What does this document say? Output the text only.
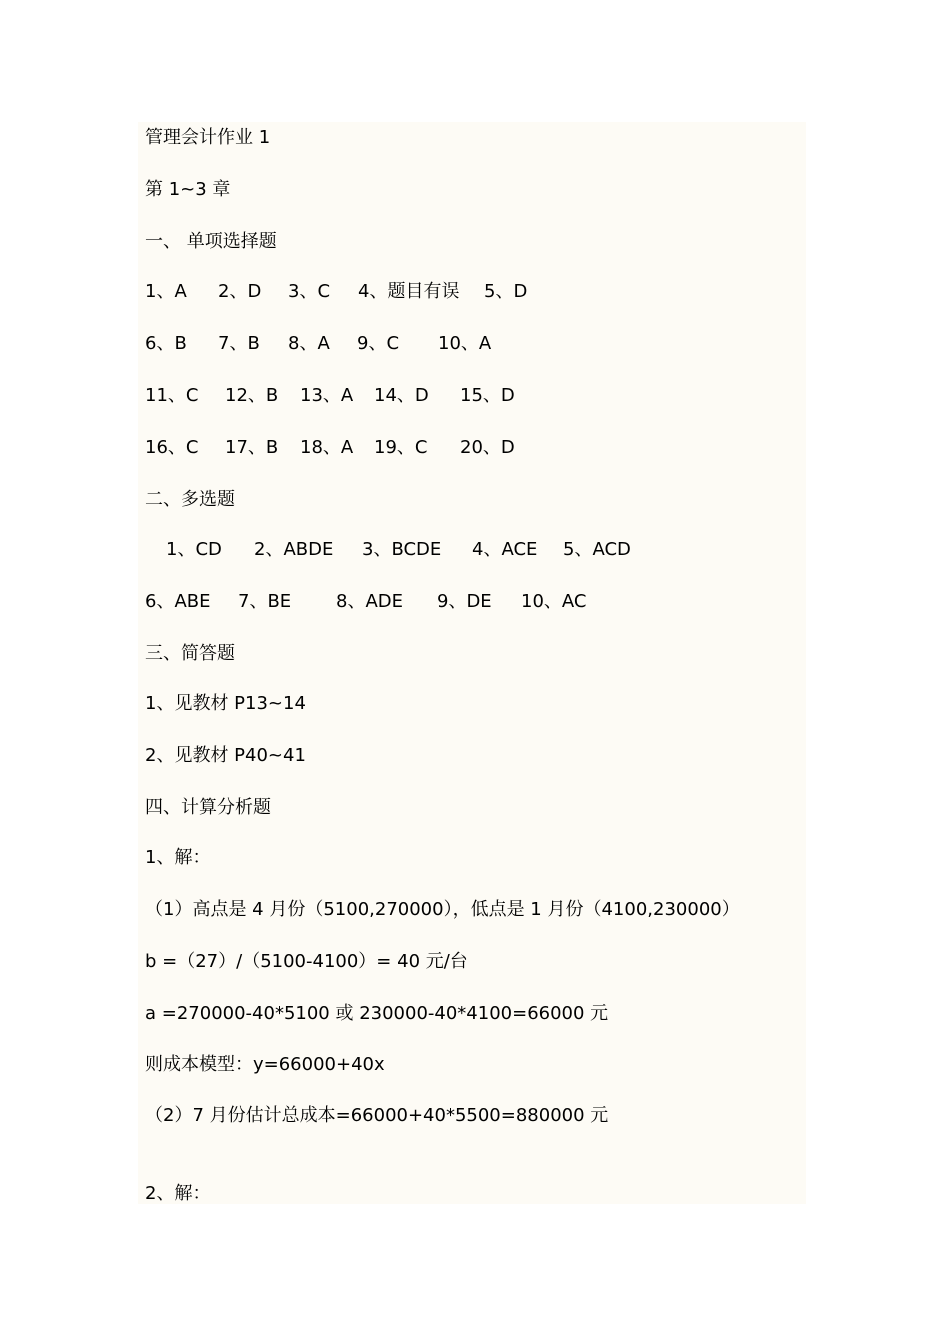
管理会计作业 1
第 1~3 章
一、 单项选择题
1、A 2、D 3、C 4、题目有误 5、D
6、B 7、B 8、A 9、C 10、A
11、C 12、B 13、A 14、D 15、D
16、C 17、B 18、A 19、C 20、D
二、多选题
1、CD 2、ABDE 3、BCDE 4、ACE 5、ACD
6、ABE 7、BE 8、ADE 9、DE 10、AC
三、简答题
1、见教材 P13~14
2、见教材 P40~41
四、计算分析题
1、解：
（1）高点是 4 月份（5100,270000），低点是 1 月份（4100,230000）
b =（27）/（5100-4100）= 40 元/台
a =270000-40*5100 或 230000-40*4100=66000 元
则成本模型：y=66000+40x
（2）7 月份估计总成本=66000+40*5500=880000 元
2、解：
